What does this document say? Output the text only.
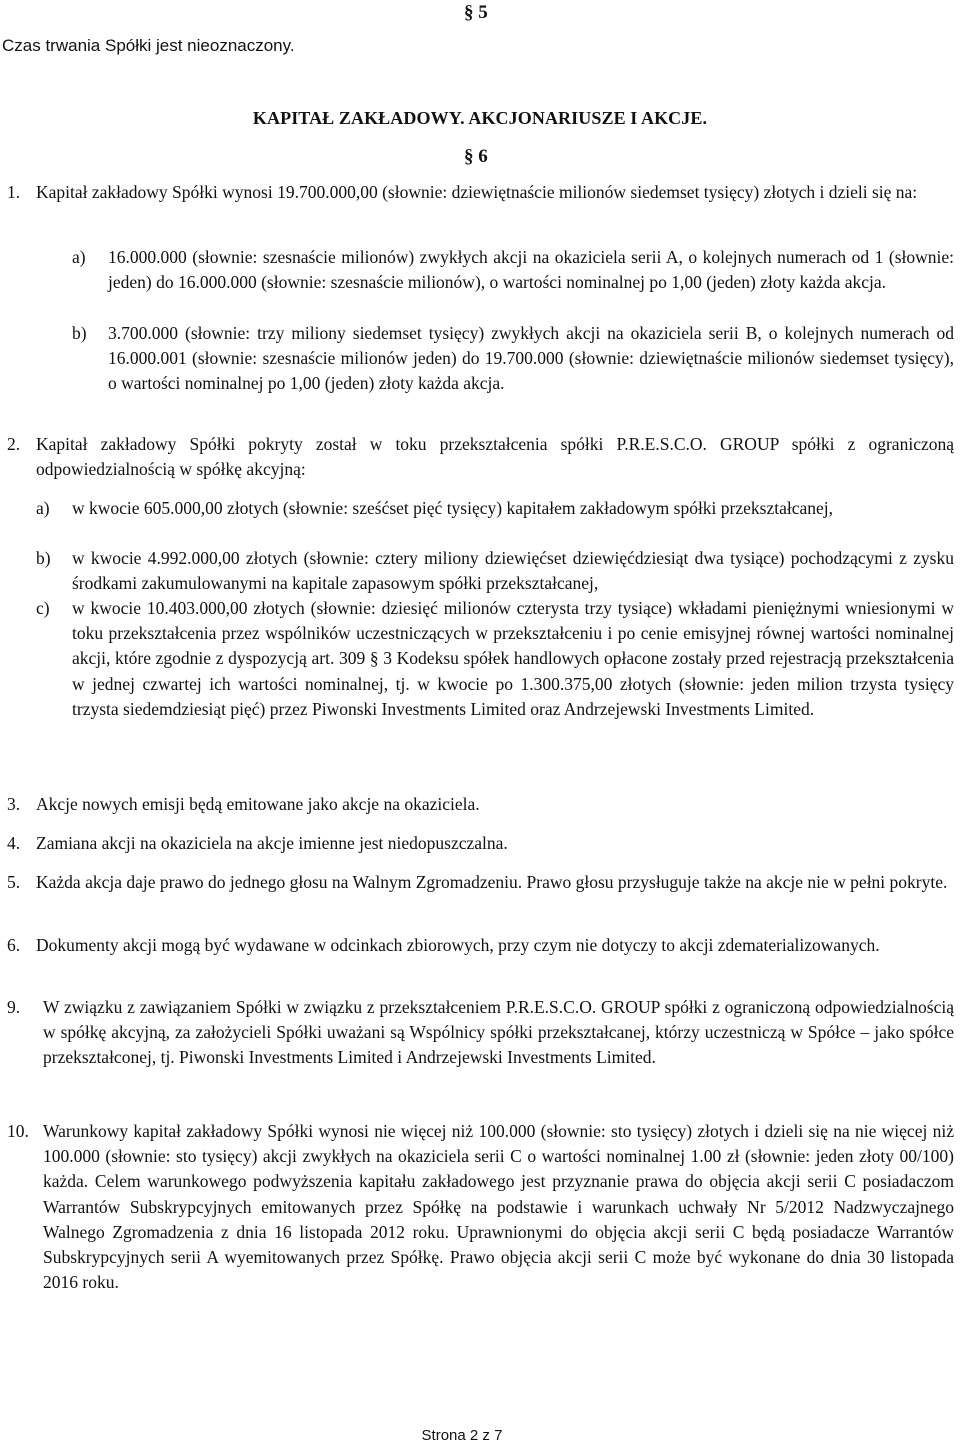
Czas trwania Spółki jest nieoznaczony.
§ 5
KAPITAŁ ZAKŁADOWY. AKCJONARIUSZE I AKCJE.
§ 6
1. Kapitał zakładowy Spółki wynosi 19.700.000,00 (słownie: dziewiętnaście milionów siedemset tysięcy) złotych i dzieli się na:
a) 16.000.000 (słownie: szesnaście milionów) zwykłych akcji na okaziciela serii A, o kolejnych numerach od 1 (słownie: jeden) do 16.000.000 (słownie: szesnaście milionów), o wartości nominalnej po 1,00 (jeden) złoty każda akcja.
b) 3.700.000 (słownie: trzy miliony siedemset tysięcy) zwykłych akcji na okaziciela serii B, o kolejnych numerach od 16.000.001 (słownie: szesnaście milionów jeden) do 19.700.000 (słownie: dziewiętnaście milionów siedemset tysięcy), o wartości nominalnej po 1,00 (jeden) złoty każda akcja.
2. Kapitał zakładowy Spółki pokryty został w toku przekształcenia spółki P.R.E.S.C.O. GROUP spółki z ograniczoną odpowiedzialnością w spółkę akcyjną:
a) w kwocie 605.000,00 złotych (słownie: sześćset pięć tysięcy) kapitałem zakładowym spółki przekształcanej,
b) w kwocie 4.992.000,00 złotych (słownie: cztery miliony dziewięćset dziewięćdziesiąt dwa tysiące) pochodzącymi z zysku środkami zakumulowanymi na kapitale zapasowym spółki przekształcanej,
c) w kwocie 10.403.000,00 złotych (słownie: dziesięć milionów czterysta trzy tysiące) wkładami pieniężnymi wniesionymi w toku przekształcenia przez wspólników uczestniczących w przekształceniu i po cenie emisyjnej równej wartości nominalnej akcji, które zgodnie z dyspozycją art. 309 § 3 Kodeksu spółek handlowych opłacone zostały przed rejestracją przekształcenia w jednej czwartej ich wartości nominalnej, tj. w kwocie po 1.300.375,00 złotych (słownie: jeden milion trzysta tysięcy trzysta siedemdziesiąt pięć) przez Piwonski Investments Limited oraz Andrzejewski Investments Limited.
3. Akcje nowych emisji będą emitowane jako akcje na okaziciela.
4. Zamiana akcji na okaziciela na akcje imienne jest niedopuszczalna.
5. Każda akcja daje prawo do jednego głosu na Walnym Zgromadzeniu. Prawo głosu przysługuje także na akcje nie w pełni pokryte.
6. Dokumenty akcji mogą być wydawane w odcinkach zbiorowych, przy czym nie dotyczy to akcji zdematerializowanych.
9. W związku z zawiązaniem Spółki w związku z przekształceniem P.R.E.S.C.O. GROUP spółki z ograniczoną odpowiedzialnością w spółkę akcyjną, za założycieli Spółki uważani są Wspólnicy spółki przekształcanej, którzy uczestniczą w Spółce – jako spółce przekształconej, tj. Piwonski Investments Limited i Andrzejewski Investments Limited.
10. Warunkowy kapitał zakładowy Spółki wynosi nie więcej niż 100.000 (słownie: sto tysięcy) złotych i dzieli się na nie więcej niż 100.000 (słownie: sto tysięcy) akcji zwykłych na okaziciela serii C o wartości nominalnej 1.00 zł (słownie: jeden złoty 00/100) każda. Celem warunkowego podwyższenia kapitału zakładowego jest przyznanie prawa do objęcia akcji serii C posiadaczom Warrantów Subskrypcyjnych emitowanych przez Spółkę na podstawie i warunkach uchwały Nr 5/2012 Nadzwyczajnego Walnego Zgromadzenia z dnia 16 listopada 2012 roku. Uprawnionymi do objęcia akcji serii C będą posiadacze Warrantów Subskrypcyjnych serii A wyemitowanych przez Spółkę. Prawo objęcia akcji serii C może być wykonane do dnia 30 listopada 2016 roku.
Strona 2 z 7
